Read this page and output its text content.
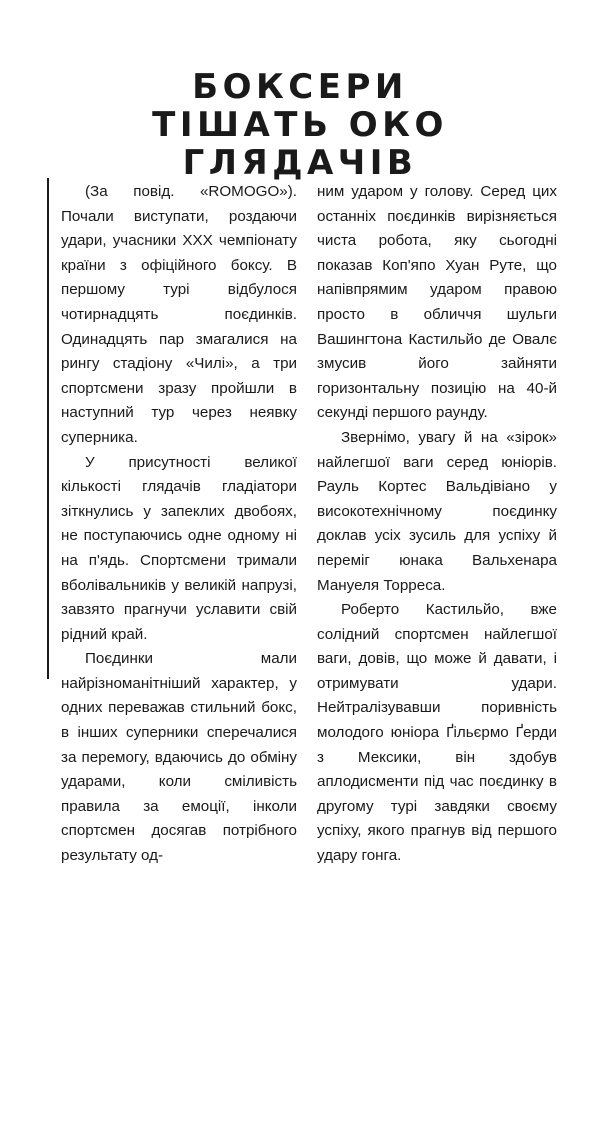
БОКСЕРИ
ТІШАТЬ ОКО
ГЛЯДАЧІВ

(За повід. «ROMOGO»). Почали виступати, роздаючи удари, учасники XXX чемпіонату країни з офіційного боксу. В першому турі відбулося чотирнадцять поєдинків. Одинадцять пар змагалися на рингу стадіону «Чилі», а три спортсмени зразу пройшли в наступний тур через неявку суперника.

У присутності великої кількості глядачів гладіатори зіткнулись у запеклих двобоях, не поступаючись одне одному ні на п'ядь. Спортсмени тримали вболівальників у великій напрузі, завзято прагнучи уславити свій рідний край.

Поєдинки мали найрізноманітніший характер, у одних переважав стильний бокс, в інших суперники сперечалися за перемогу, вдаючись до обміну ударами, коли сміливість правила за емоції, інколи спортсмен досягав потрібного результату од-

ним ударом у голову. Серед цих останніх поєдинків вирізняється чиста робота, яку сьогодні показав Коп'япо Хуан Руте, що напівпрямим ударом правою просто в обличчя шульги Вашингтона Кастильйо де Овалє змусив його зайняти горизонтальну позицію на 40-й секунді першого раунду.

Звернімо, увагу й на «зірок» найлегшої ваги серед юніорів. Рауль Кортес Вальдівіано у високотехнічному поєдинку доклав усіх зусиль для успіху й переміг юнака Вальхенара Мануеля Торреса.

Роберто Кастильйо, вже солідний спортсмен найлегшої ваги, довів, що може й давати, і отримувати удари. Нейтралізувавши поривність молодого юніора Ґільєрмо Ґерди з Мексики, він здобув аплодисменти під час поєдинку в другому турі завдяки своєму успіху, якого прагнув від першого удару гонга.
